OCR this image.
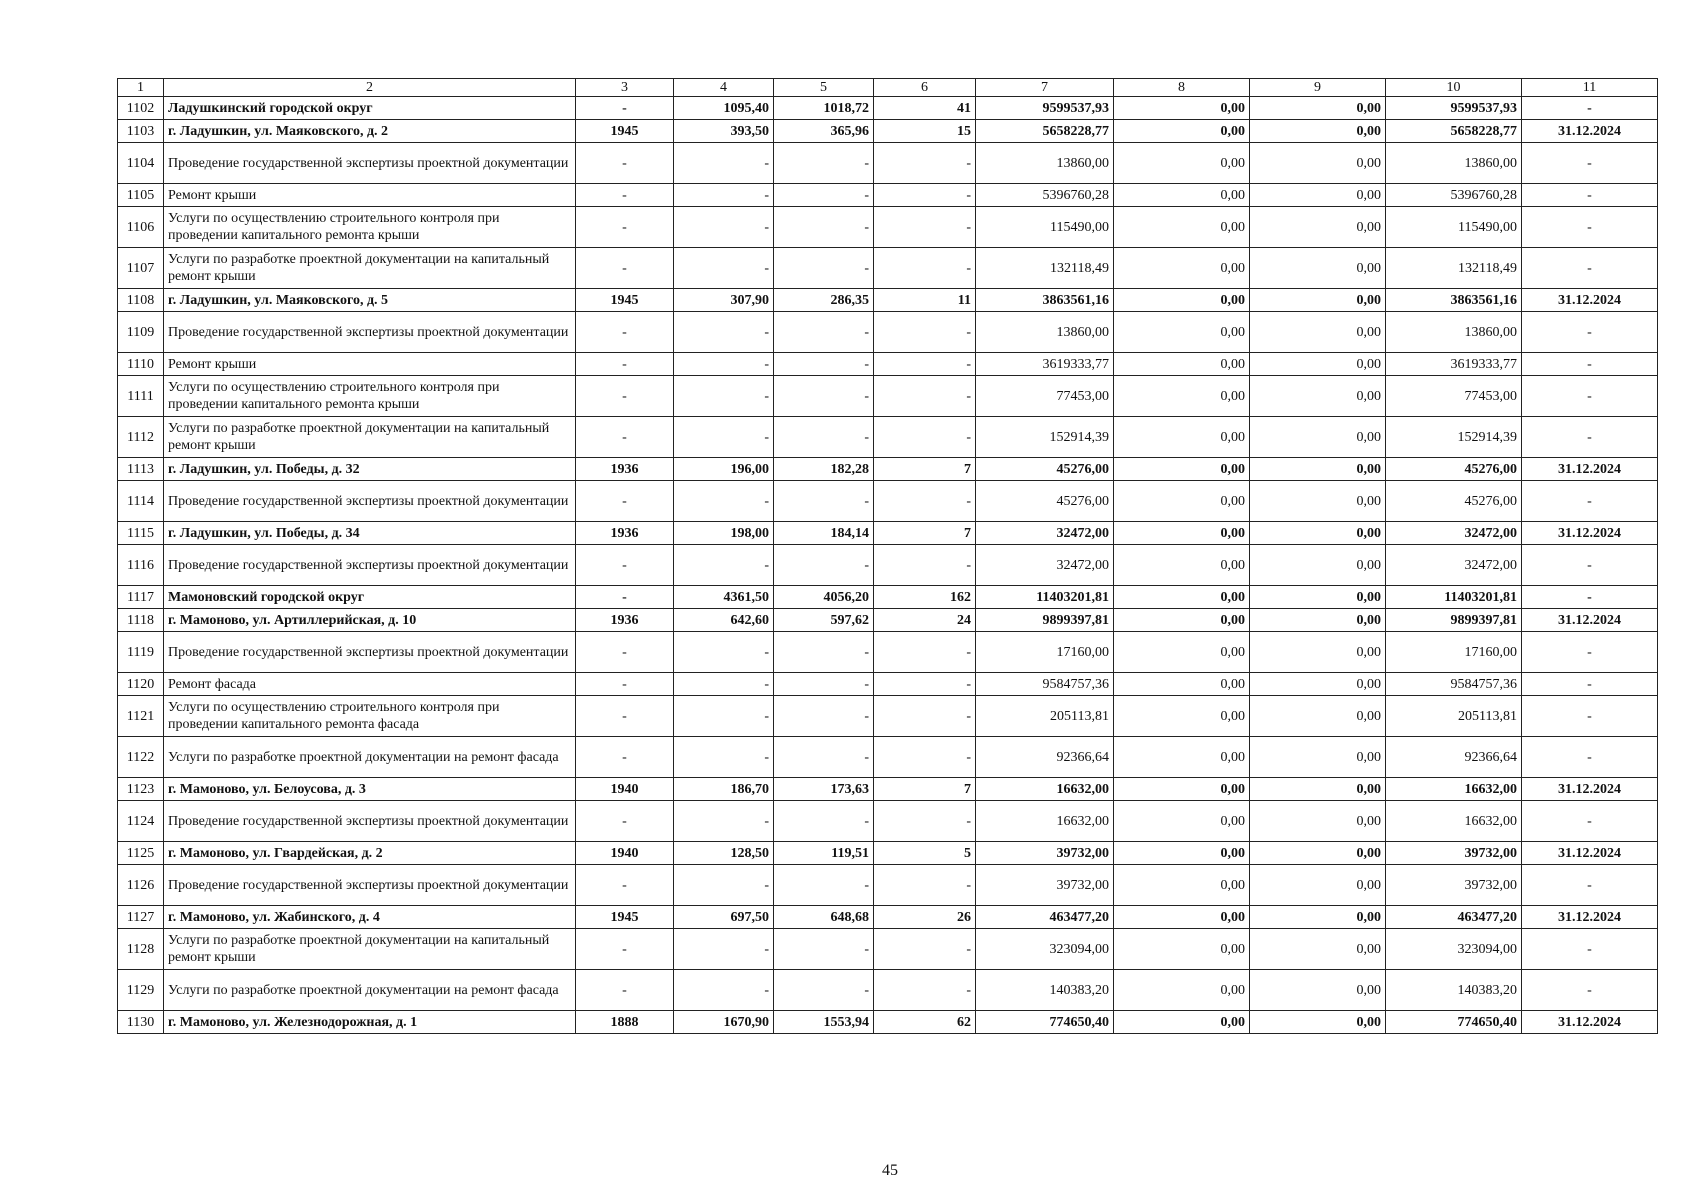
1	2	3	4	5	6	7	8	9	10	11
1102	Ладушкинский городской округ	-	1095,40	1018,72	41	9599537,93	0,00	0,00	9599537,93	-
1103	г. Ладушкин, ул. Маяковского, д. 2	1945	393,50	365,96	15	5658228,77	0,00	0,00	5658228,77	31.12.2024
1104	Проведение государственной экспертизы проектной документации	-	-	-	-	13860,00	0,00	0,00	13860,00	-
1105	Ремонт крыши	-	-	-	-	5396760,28	0,00	0,00	5396760,28	-
1106	Услуги по осуществлению строительного контроля при проведении капитального ремонта крыши	-	-	-	-	115490,00	0,00	0,00	115490,00	-
1107	Услуги по разработке проектной документации на капитальный ремонт крыши	-	-	-	-	132118,49	0,00	0,00	132118,49	-
1108	г. Ладушкин, ул. Маяковского, д. 5	1945	307,90	286,35	11	3863561,16	0,00	0,00	3863561,16	31.12.2024
1109	Проведение государственной экспертизы проектной документации	-	-	-	-	13860,00	0,00	0,00	13860,00	-
1110	Ремонт крыши	-	-	-	-	3619333,77	0,00	0,00	3619333,77	-
1111	Услуги по осуществлению строительного контроля при проведении капитального ремонта крыши	-	-	-	-	77453,00	0,00	0,00	77453,00	-
1112	Услуги по разработке проектной документации на капитальный ремонт крыши	-	-	-	-	152914,39	0,00	0,00	152914,39	-
1113	г. Ладушкин, ул. Победы, д. 32	1936	196,00	182,28	7	45276,00	0,00	0,00	45276,00	31.12.2024
1114	Проведение государственной экспертизы проектной документации	-	-	-	-	45276,00	0,00	0,00	45276,00	-
1115	г. Ладушкин, ул. Победы, д. 34	1936	198,00	184,14	7	32472,00	0,00	0,00	32472,00	31.12.2024
1116	Проведение государственной экспертизы проектной документации	-	-	-	-	32472,00	0,00	0,00	32472,00	-
1117	Мамоновский городской округ	-	4361,50	4056,20	162	11403201,81	0,00	0,00	11403201,81	-
1118	г. Мамоново, ул. Артиллерийская, д. 10	1936	642,60	597,62	24	9899397,81	0,00	0,00	9899397,81	31.12.2024
1119	Проведение государственной экспертизы проектной документации	-	-	-	-	17160,00	0,00	0,00	17160,00	-
1120	Ремонт фасада	-	-	-	-	9584757,36	0,00	0,00	9584757,36	-
1121	Услуги по осуществлению строительного контроля при проведении капитального ремонта фасада	-	-	-	-	205113,81	0,00	0,00	205113,81	-
1122	Услуги по разработке проектной документации на ремонт фасада	-	-	-	-	92366,64	0,00	0,00	92366,64	-
1123	г. Мамоново, ул. Белоусова, д. 3	1940	186,70	173,63	7	16632,00	0,00	0,00	16632,00	31.12.2024
1124	Проведение государственной экспертизы проектной документации	-	-	-	-	16632,00	0,00	0,00	16632,00	-
1125	г. Мамоново, ул. Гвардейская, д. 2	1940	128,50	119,51	5	39732,00	0,00	0,00	39732,00	31.12.2024
1126	Проведение государственной экспертизы проектной документации	-	-	-	-	39732,00	0,00	0,00	39732,00	-
1127	г. Мамоново, ул. Жабинского, д. 4	1945	697,50	648,68	26	463477,20	0,00	0,00	463477,20	31.12.2024
1128	Услуги по разработке проектной документации на капитальный ремонт крыши	-	-	-	-	323094,00	0,00	0,00	323094,00	-
1129	Услуги по разработке проектной документации на ремонт фасада	-	-	-	-	140383,20	0,00	0,00	140383,20	-
1130	г. Мамоново, ул. Железнодорожная, д. 1	1888	1670,90	1553,94	62	774650,40	0,00	0,00	774650,40	31.12.2024
45
